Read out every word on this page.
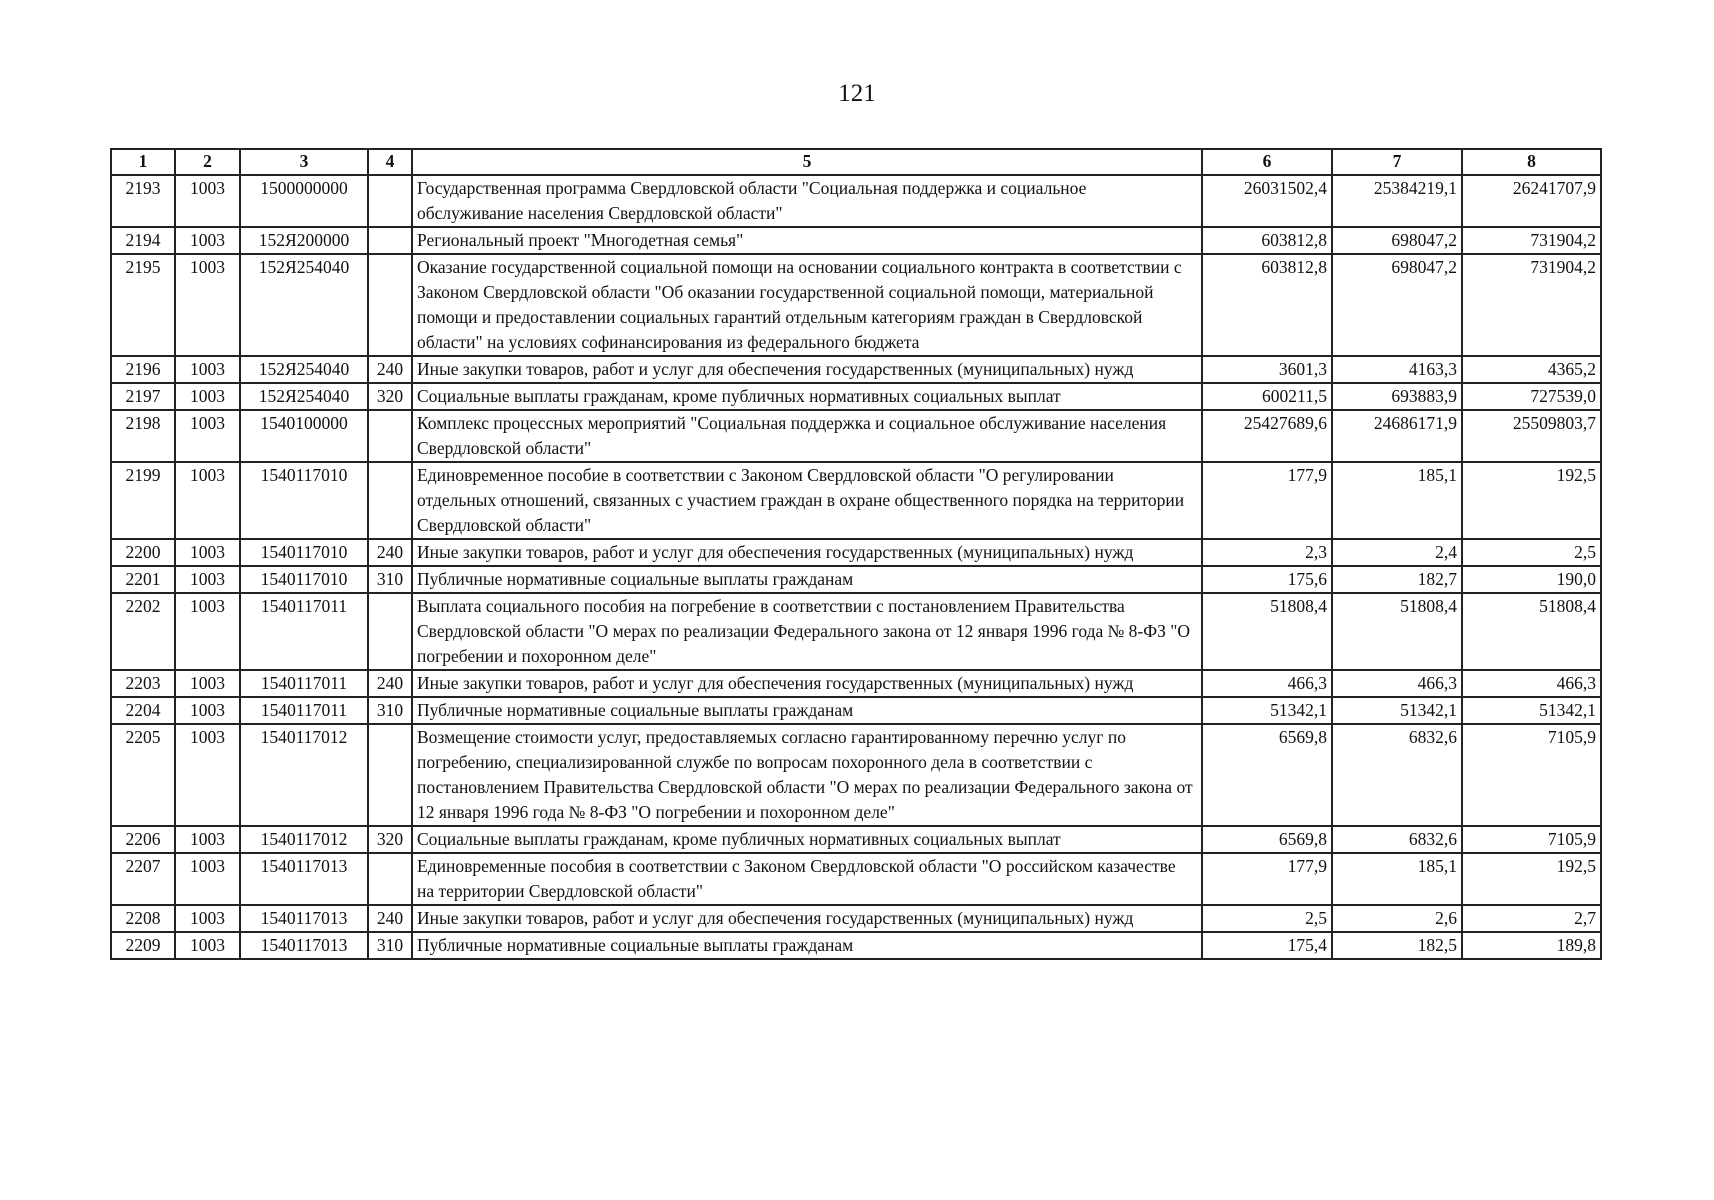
121
1	2	3	4	5	6	7	8
2193	1003	1500000000		Государственная программа Свердловской области "Социальная поддержка и социальное обслуживание населения Свердловской области"	26031502,4	25384219,1	26241707,9
2194	1003	152Я200000		Региональный проект "Многодетная семья"	603812,8	698047,2	731904,2
2195	1003	152Я254040		Оказание государственной социальной помощи на основании социального контракта в соответствии с Законом Свердловской области "Об оказании государственной социальной помощи, материальной помощи и предоставлении социальных гарантий отдельным категориям граждан в Свердловской области" на условиях софинансирования из федерального бюджета	603812,8	698047,2	731904,2
2196	1003	152Я254040	240	Иные закупки товаров, работ и услуг для обеспечения государственных (муниципальных) нужд	3601,3	4163,3	4365,2
2197	1003	152Я254040	320	Социальные выплаты гражданам, кроме публичных нормативных социальных выплат	600211,5	693883,9	727539,0
2198	1003	1540100000		Комплекс процессных мероприятий "Социальная поддержка и социальное обслуживание населения Свердловской области"	25427689,6	24686171,9	25509803,7
2199	1003	1540117010		Единовременное пособие в соответствии с Законом Свердловской области "О регулировании отдельных отношений, связанных с участием граждан в охране общественного порядка на территории Свердловской области"	177,9	185,1	192,5
2200	1003	1540117010	240	Иные закупки товаров, работ и услуг для обеспечения государственных (муниципальных) нужд	2,3	2,4	2,5
2201	1003	1540117010	310	Публичные нормативные социальные выплаты гражданам	175,6	182,7	190,0
2202	1003	1540117011		Выплата социального пособия на погребение в соответствии с постановлением Правительства Свердловской области "О мерах по реализации Федерального закона от 12 января 1996 года № 8-ФЗ "О погребении и похоронном деле"	51808,4	51808,4	51808,4
2203	1003	1540117011	240	Иные закупки товаров, работ и услуг для обеспечения государственных (муниципальных) нужд	466,3	466,3	466,3
2204	1003	1540117011	310	Публичные нормативные социальные выплаты гражданам	51342,1	51342,1	51342,1
2205	1003	1540117012		Возмещение стоимости услуг, предоставляемых согласно гарантированному перечню услуг по погребению, специализированной службе по вопросам похоронного дела в соответствии с постановлением Правительства Свердловской области "О мерах по реализации Федерального закона от 12 января 1996 года № 8-ФЗ "О погребении и похоронном деле"	6569,8	6832,6	7105,9
2206	1003	1540117012	320	Социальные выплаты гражданам, кроме публичных нормативных социальных выплат	6569,8	6832,6	7105,9
2207	1003	1540117013		Единовременные пособия в соответствии с Законом Свердловской области "О российском казачестве на территории Свердловской области"	177,9	185,1	192,5
2208	1003	1540117013	240	Иные закупки товаров, работ и услуг для обеспечения государственных (муниципальных) нужд	2,5	2,6	2,7
2209	1003	1540117013	310	Публичные нормативные социальные выплаты гражданам	175,4	182,5	189,8
